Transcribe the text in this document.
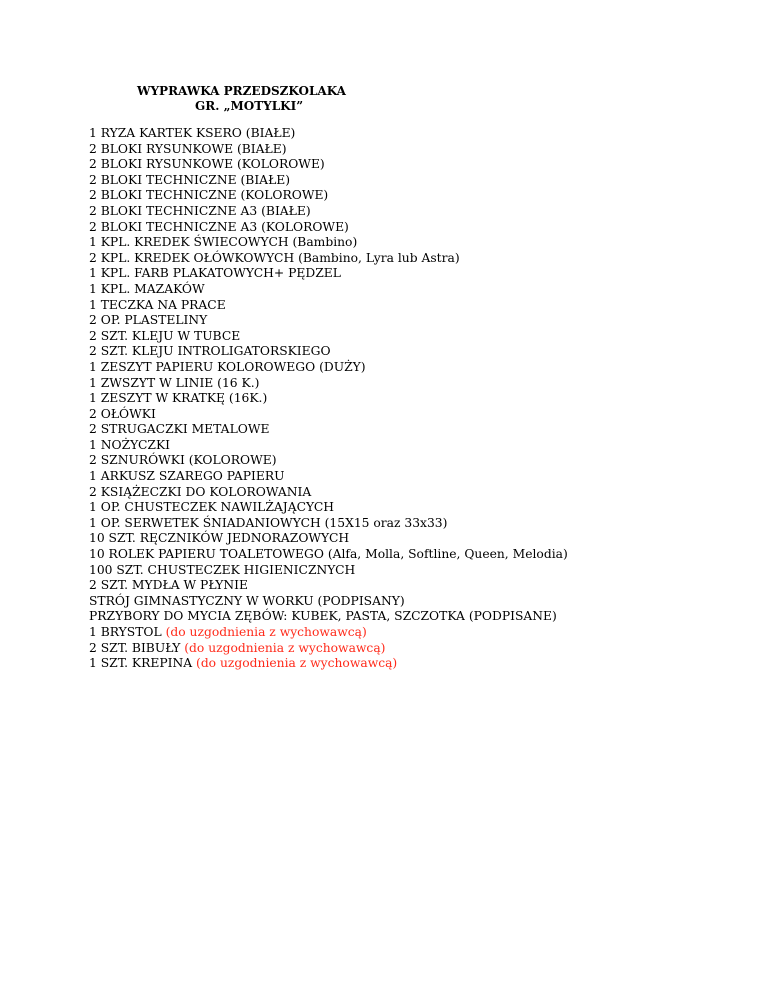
WYPRAWKA PRZEDSZKOLAKA
GR. „MOTYLKI”
1 RYZA KARTEK KSERO (BIAŁE)
2 BLOKI RYSUNKOWE (BIAŁE)
2 BLOKI RYSUNKOWE (KOLOROWE)
2 BLOKI TECHNICZNE (BIAŁE)
2 BLOKI TECHNICZNE (KOLOROWE)
2 BLOKI TECHNICZNE A3 (BIAŁE)
2 BLOKI TECHNICZNE A3 (KOLOROWE)
1 KPL. KREDEK ŚWIECOWYCH (Bambino)
2 KPL. KREDEK OŁÓWKOWYCH (Bambino, Lyra lub Astra)
1 KPL. FARB PLAKATOWYCH+ PĘDZEL
1 KPL. MAZAKÓW
1 TECZKA NA PRACE
2 OP. PLASTELINY
2 SZT. KLEJU W TUBCE
2 SZT. KLEJU INTROLIGATORSKIEGO
1 ZESZYT PAPIERU KOLOROWEGO (DUŻY)
1 ZWSZYT W LINIE (16 K.)
1 ZESZYT W KRATKĘ (16K.)
2 OŁÓWKI
2 STRUGACZKI METALOWE
1 NOŻYCZKI
2 SZNURÓWKI (KOLOROWE)
1 ARKUSZ SZAREGO PAPIERU
2 KSIĄŻECZKI DO KOLOROWANIA
1 OP. CHUSTECZEK NAWILŻAJĄCYCH
1 OP. SERWETEK ŚNIADANIOWYCH (15X15 oraz 33x33)
10 SZT. RĘCZNIKÓW JEDNORAZOWYCH
10 ROLEK PAPIERU TOALETOWEGO (Alfa, Molla, Softline, Queen, Melodia)
100 SZT. CHUSTECZEK HIGIENICZNYCH
2 SZT. MYDŁA W PŁYNIE
STRÓJ GIMNASTYCZNY W WORKU (PODPISANY)
PRZYBORY DO MYCIA ZĘBÓW: KUBEK, PASTA, SZCZOTKA (PODPISANE)
1 BRYSTOL (do uzgodnienia z wychowawcą)
2 SZT. BIBUŁY (do uzgodnienia z wychowawcą)
1 SZT. KREPINA (do uzgodnienia z wychowawcą)
